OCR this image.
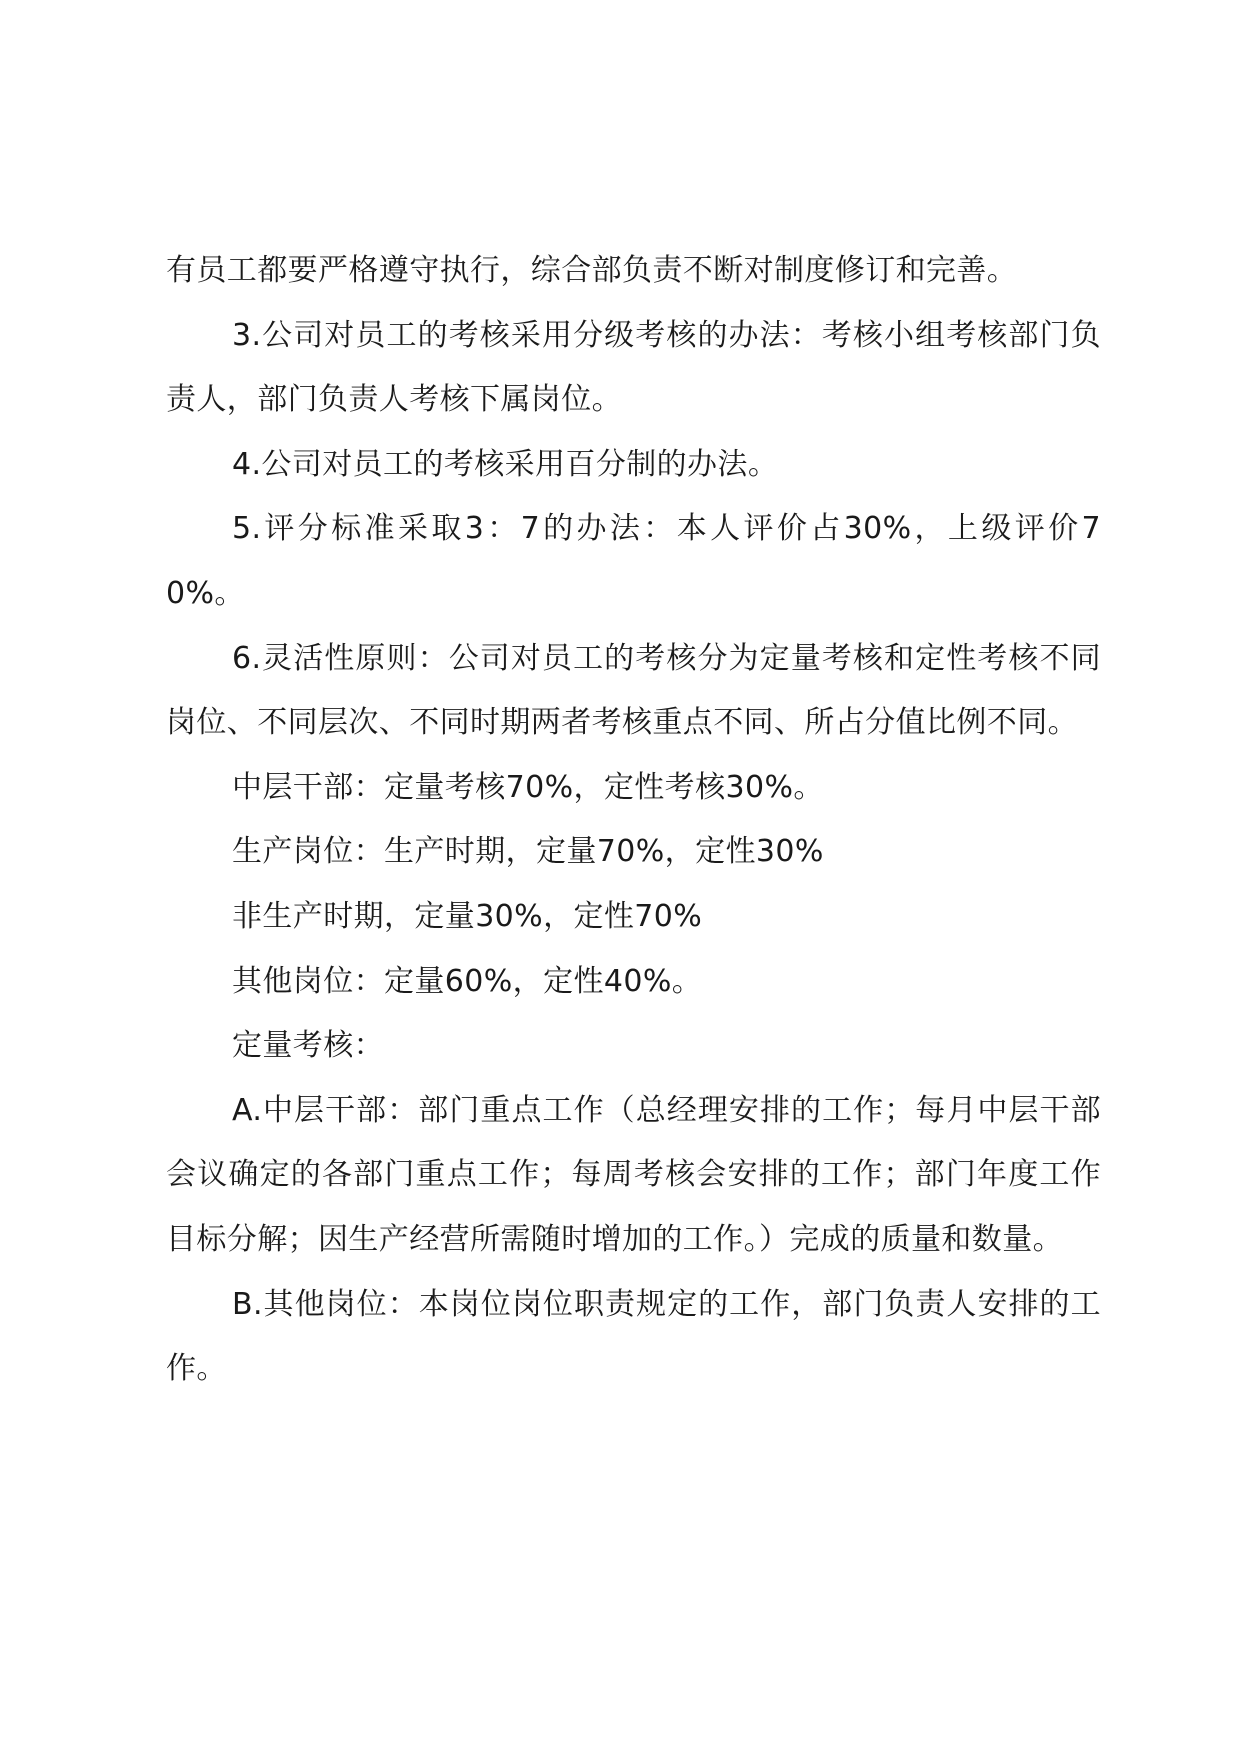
有员工都要严格遵守执行，综合部负责不断对制度修订和完善。

3.公司对员工的考核采用分级考核的办法：考核小组考核部门负责人，部门负责人考核下属岗位。

4.公司对员工的考核采用百分制的办法。

5.评分标准采取3：7的办法：本人评价占30%，上级评价70%。

6.灵活性原则：公司对员工的考核分为定量考核和定性考核不同岗位、不同层次、不同时期两者考核重点不同、所占分值比例不同。

中层干部：定量考核70%，定性考核30%。

生产岗位：生产时期，定量70%，定性30%

非生产时期，定量30%，定性70%

其他岗位：定量60%，定性40%。

定量考核：

A.中层干部：部门重点工作（总经理安排的工作；每月中层干部会议确定的各部门重点工作；每周考核会安排的工作；部门年度工作目标分解；因生产经营所需随时增加的工作。）完成的质量和数量。

B.其他岗位：本岗位岗位职责规定的工作，部门负责人安排的工作。
